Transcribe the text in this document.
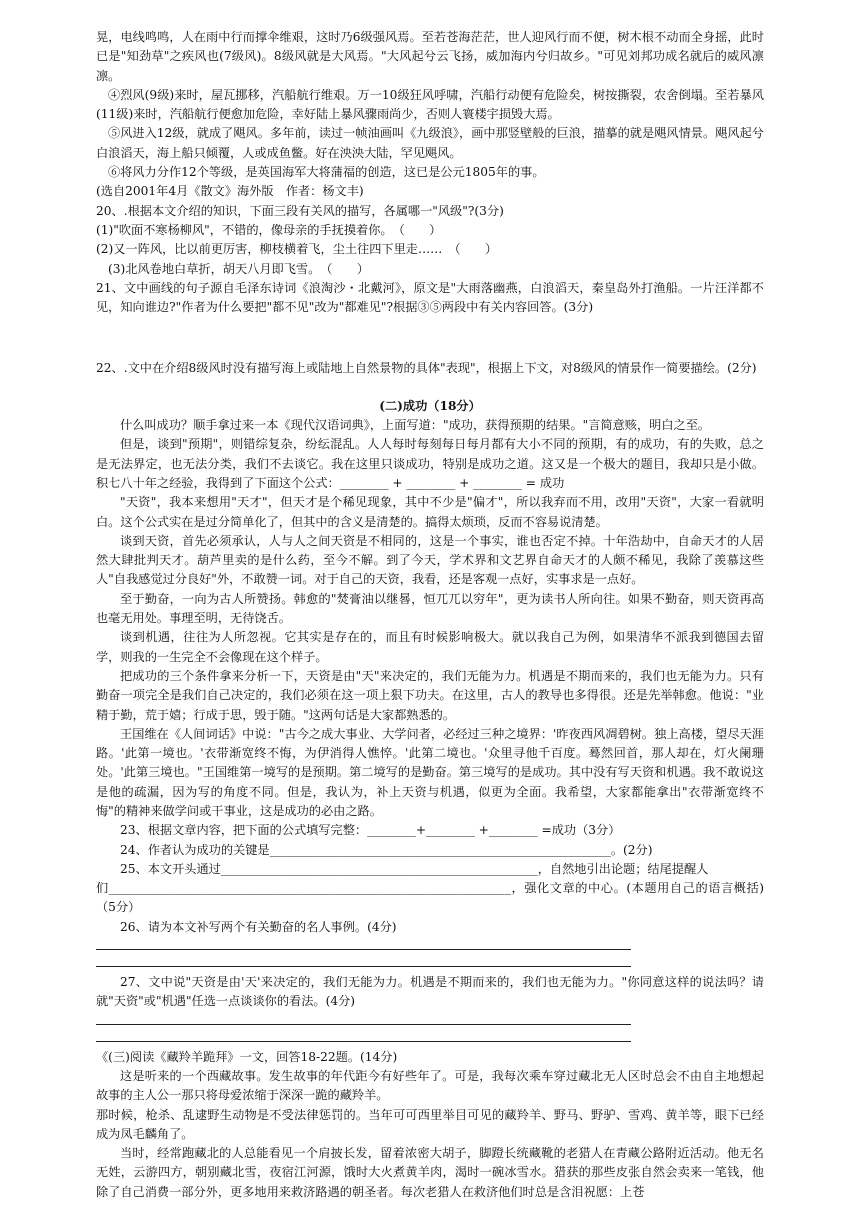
晃，电线鸣鸣，人在雨中行而撑伞维艰，这时乃6级强风焉。至若苍海茫茫，世人迎风行而不便，树木根不动而全身摇，此时已是"知劲草"之疾风也(7级风)。8级风就是大风焉。"大风起兮云飞扬，威加海内兮归故乡。"可见刘邦功成名就后的威风凛凛。

④烈风(9级)来时，屋瓦挪移，汽船航行维艰。万一10级狂风呼啸，汽船行动便有危险矣，树按撕裂，农舍倒塌。至若暴风(11级)来时，汽船航行便愈加危险，幸好陆上暴风骤雨尚少，否则人寰楼宇损毁大焉。

⑤风进入12级，就成了飓风。多年前，读过一帧油画叫《九级浪》，画中那竖壁般的巨浪，描摹的就是飓风情景。飓风起兮白浪滔天，海上船只倾覆，人或成鱼鳖。好在泱泱大陆，罕见飓风。

⑥将风力分作12个等级，是英国海军大将蒲福的创造，这已是公元1805年的事。

(选自2001年4月《散文》海外版　作者：杨文丰)

20、.根据本文介绍的知识，下面三段有关风的描写，各属哪一"风级"?(3分)

(1)"吹面不寒杨柳风"，不错的，像母亲的手抚摸着你。　（　　）

(2)又一阵风，比以前更厉害，柳枝横着飞，尘土往四下里走……　（　　）

(3)北风卷地白草折，胡天八月即飞雪。　（　　）

21、文中画线的句子源自毛泽东诗词《浪淘沙・北戴河》，原文是"大雨落幽燕，白浪滔天，秦皇岛外打渔船。一片汪洋都不见，知向谁边?"作者为什么要把"都不见"改为"都难见"?根据③⑤两段中有关内容回答。(3分)

22、.文中在介绍8级风时没有描写海上或陆地上自然景物的具体"表现"，根据上下文，对8级风的情景作一简要描绘。(2分)

(二)成功（18分）

什么叫成功？顺手拿过来一本《现代汉语词典》，上面写道："成功，获得预期的结果。"言简意赅，明白之至。

但是，谈到"预期"，则错综复杂，纷纭混乱。人人每时每刻每日每月都有大小不同的预期，有的成功，有的失败，总之是无法界定，也无法分类，我们不去谈它。我在这里只谈成功，特别是成功之道。这又是一个极大的题目，我却只是小做。积七八十年之经验，我得到了下面这个公式：________ + ________ + ________ = 成功

"天资"，我本来想用"天才"，但天才是个稀见现象，其中不少是"偏才"，所以我弃而不用，改用"天资"，大家一看就明白。这个公式实在是过分简单化了，但其中的含义是清楚的。搞得太烦琐，反而不容易说清楚。

谈到天资，首先必须承认，人与人之间天资是不相同的，这是一个事实，谁也否定不掉。十年浩劫中，自命天才的人居然大肆批判天才。葫芦里卖的是什么药，至今不解。到了今天，学术界和文艺界自命天才的人颇不稀见，我除了羡慕这些人"自我感觉过分良好"外，不敢赞一词。对于自己的天资，我看，还是客观一点好，实事求是一点好。

至于勤奋，一向为古人所赞扬。韩愈的"焚膏油以继晷，恒兀兀以穷年"，更为读书人所向往。如果不勤奋，则天资再高也毫无用处。事理至明，无待饶舌。

谈到机遇，往往为人所忽视。它其实是存在的，而且有时候影响极大。就以我自己为例，如果清华不派我到德国去留学，则我的一生完全不会像现在这个样子。

把成功的三个条件拿来分析一下，天资是由"天"来决定的，我们无能为力。机遇是不期而来的，我们也无能为力。只有勤奋一项完全是我们自己决定的，我们必须在这一项上狠下功夫。在这里，古人的教导也多得很。还是先举韩愈。他说："业精于勤，荒于嬉；行成于思，毁于随。"这两句话是大家都熟悉的。

王国维在《人间词话》中说："古今之成大事业、大学问者，必经过三种之境界：'昨夜西风凋碧树。独上高楼，望尽天涯路。'此第一境也。'衣带渐宽终不悔，为伊消得人憔悴。'此第二境也。'众里寻他千百度。蓦然回首，那人却在，灯火阑珊处。'此第三境也。"王国维第一境写的是预期。第二境写的是勤奋。第三境写的是成功。其中没有写天资和机遇。我不敢说这是他的疏漏，因为写的角度不同。但是，我认为，补上天资与机遇，似更为全面。我希望，大家都能拿出"衣带渐宽终不悔"的精神来做学问或干事业，这是成功的必由之路。

23、根据文章内容，把下面的公式填写完整：________+________ +________ =成功（3分）

24、作者认为成功的关键是________________________________________________________。(2分)

25、本文开头通过____________________________________________________，自然地引出论题；结尾提醒人

们__________________________________________________________________，强化文章的中心。(本题用自己的语言概括)（5分）

26、请为本文补写两个有关勤奋的名人事例。(4分)

27、文中说"天资是由'天'来决定的，我们无能为力。机遇是不期而来的，我们也无能为力。"你同意这样的说法吗？请就"天资"或"机遇"任选一点谈谈你的看法。(4分)

《(三)阅读《藏羚羊跪拜》一文，回答18-22题。(14分)

这是听来的一个西藏故事。发生故事的年代距今有好些年了。可是，我每次乘车穿过藏北无人区时总会不由自主地想起故事的主人公一那只将母爱浓缩于深深一跪的藏羚羊。

那时候，枪杀、乱逮野生动物是不受法律惩罚的。当年可可西里举目可见的藏羚羊、野马、野驴、雪鸡、黄羊等，眼下已经成为凤毛麟角了。

当时，经常跑藏北的人总能看见一个肩披长发，留着浓密大胡子，脚蹬长统藏靴的老猎人在青藏公路附近活动。他无名无姓，云游四方，朝别藏北雪，夜宿江河源，饿时大火煮黄羊肉，渴时一碗冰雪水。猎获的那些皮张自然会卖来一笔钱，他除了自己消费一部分外，更多地用来救济路遇的朝圣者。每次老猎人在救济他们时总是含泪祝愿：上苍
